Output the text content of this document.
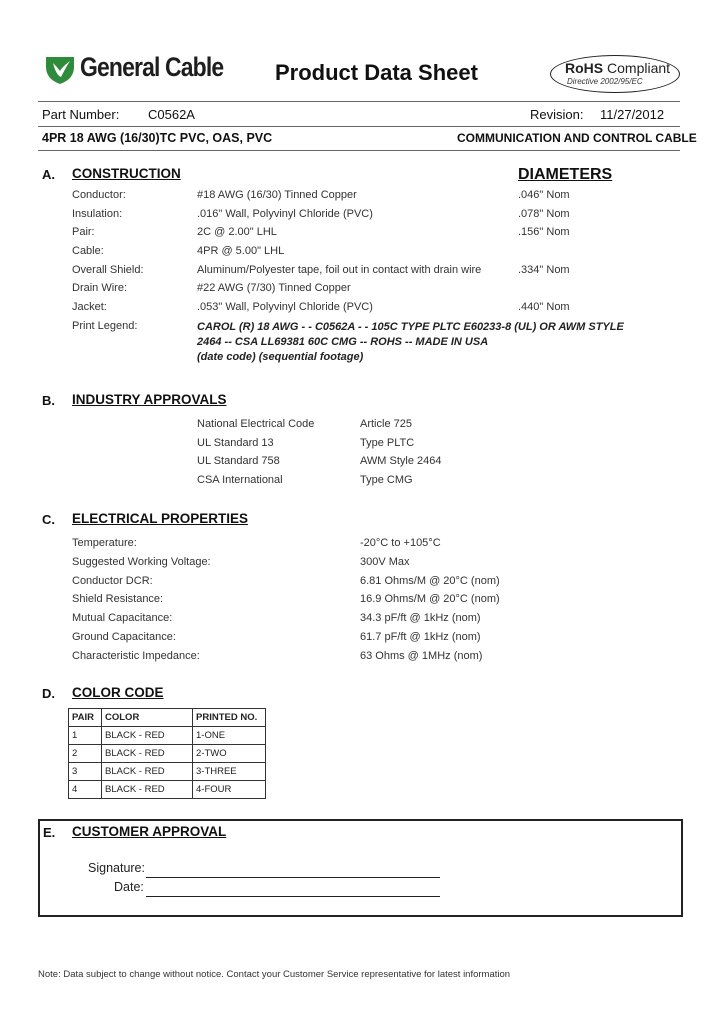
General Cable Product Data Sheet	RoHS Compliant
Directive 2002/95/EC
Part Number: C0562A	Revision: 11/27/2012
4PR 18 AWG (16/30)TC PVC, OAS, PVC	COMMUNICATION AND CONTROL CABLE
A. CONSTRUCTION	DIAMETERS
Conductor:	#18 AWG (16/30) Tinned Copper	.046" Nom
Insulation:	.016" Wall, Polyvinyl Chloride (PVC)	.078" Nom
Pair:	2C @ 2.00" LHL	.156" Nom
Cable:	4PR @ 5.00" LHL
Overall Shield:	Aluminum/Polyester tape, foil out in contact with drain wire	.334" Nom
Drain Wire:	#22 AWG (7/30) Tinned Copper
Jacket:	.053" Wall, Polyvinyl Chloride (PVC)	.440" Nom
Print Legend:	CAROL (R) 18 AWG - - C0562A - - 105C TYPE PLTC E60233-8 (UL) OR AWM STYLE
2464 -- CSA LL69381 60C CMG -- ROHS -- MADE IN USA
(date code) (sequential footage)
B. INDUSTRY APPROVALS
National Electrical Code	Article 725
UL Standard 13	Type PLTC
UL Standard 758	AWM Style 2464
CSA International	Type CMG
C. ELECTRICAL PROPERTIES
Temperature:	-20°C to +105°C
Suggested Working Voltage:	300V Max
Conductor DCR:	6.81 Ohms/M @ 20°C (nom)
Shield Resistance:	16.9 Ohms/M @ 20°C (nom)
Mutual Capacitance:	34.3 pF/ft @ 1kHz (nom)
Ground Capacitance:	61.7 pF/ft @ 1kHz (nom)
Characteristic Impedance:	63 Ohms @ 1MHz (nom)
D. COLOR CODE
PAIR	COLOR	PRINTED NO.
1	BLACK - RED	1-ONE
2	BLACK - RED	2-TWO
3	BLACK - RED	3-THREE
4	BLACK - RED	4-FOUR
E. CUSTOMER APPROVAL
Signature:
Date:
Note: Data subject to change without notice. Contact your Customer Service representative for latest information
